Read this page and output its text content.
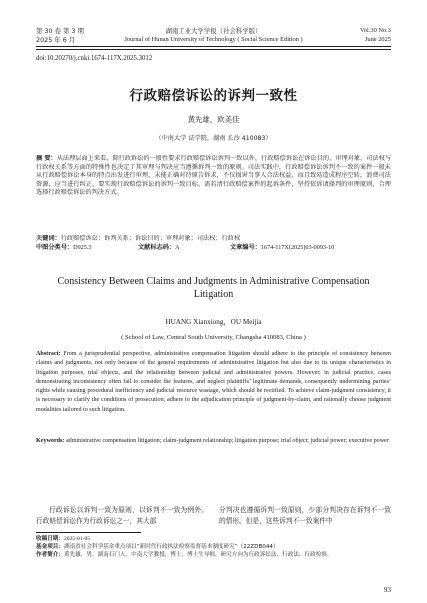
第 30 卷 第 3 期
2025 年 6 月
湖南工业大学学报（社会科学版）
Journal of Hunan University of Technology ( Social Science Edition )
Vol.30 No.3
June 2025
doi:10.20270/j.cnki.1674-117X.2025.3012
行政赔偿诉讼的诉判一致性
黄先雄，欧美佳
（中南大学 法学院，湖南 长沙 410083）
摘 要：从法理层面上来看，除行政诉讼的一般性要求行政赔偿诉讼诉判一致以外，行政赔偿诉讼在诉讼目的、审理对象、司法权与行政权关系等方面的特殊性也决定了其审理与判决应当遵循诉判一致的原则。司法实践中，行政赔偿诉讼诉判不一致的案件一般未从行政赔偿诉讼本身的特点出发进行审理，未能正确对待原告诉求，不仅损害当事人合法权益、而且致易造成程序空转，浪费司法资源，应当进行纠正。要实现行政赔偿诉讼的诉判一致目标，需若清行政赔偿案件的起诉条件，坚持依诉请择判的审理原则，合理选择行政赔偿诉讼的判决方式。
关键词：行政赔偿诉讼；诉判关系；诉讼目的；审理对象；司法权；行政权
中图分类号：D925.3	文献标志码：A	文章编号：1674-117X(2025)03-0093-10
Consistency Between Claims and Judgments in Administrative Compensation
Litigation
HUANG Xianxiong，OU Meijia
( School of Law, Central South University, Changsha 410083, China )
Abstract: From a jurisprudential perspective, administrative compensation litigation should adhere to the principle of consistency between claims and judgments, not only because of the general requirements of administrative litigation but also due to its unique characteristics in litigation purposes, trial objects, and the relationship between judicial and administrative powers. However, in judicial practice, cases demonstrating inconsistency often fail to consider the features, and neglect plaintiffs’ legitimate demands, consequently undermining parties’ rights while causing procedural inefficiency and judicial resource wastage, which should be rectified. To achieve claim-judgment consistency, it is necessary to clarify the conditions of prosecution, adhere to the adjudication principle of judgment-by-claim, and rationally choose judgment modalities tailored to such litigation.
Keywords: administrative compensation litigation; claim-judgment relationship; litigation purpose; trial object; judicial power; executive power
行政诉讼以诉判一致为原则，以诉判不一致为例外。行政赔偿诉讼作为行政诉讼之一，其大部
分判决也遵循诉判一致原则，少部分判决存在诉判不一致的情形。但是，这些诉判不一致案件中
收稿日期：2025-01-05
基金项目：湖南省社会科学基金重点项目“新时代行政执法检察监督基本制度研究”（22ZDB044）
作者简介：黄先雄，男，湖南石门人，中南大学教授，博士，博士生导师，研究方向为行政诉讼法、行政法、行政检察。
93
